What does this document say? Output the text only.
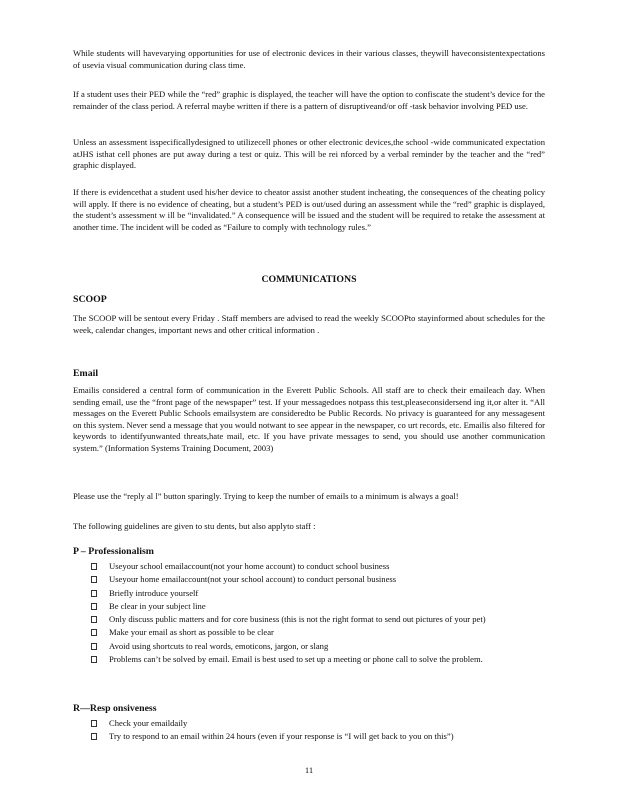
While students will havevarying opportunities for use of electronic devices in their various classes, theywill haveconsistentexpectations of usevia visual communication during class time.

If a student uses their PED while the “red” graphic is displayed, the teacher will have the option to confiscate the student’s device for the remainder of the class period. A referral maybe written if there is a pattern of disruptiveand/or off -task behavior involving PED use.

Unless an assessment isspecificallydesigned to utilizecell phones or other electronic devices,the school -wide communicated expectation atJHS isthat cell phones are put away during a test or quiz. This will be rei nforced by a verbal reminder by the teacher and the “red” graphic displayed.

If there is evidencethat a student used his/her device to cheator assist another student incheating, the consequences of the cheating policy will apply. If there is no evidence of cheating, but a student’s PED is out/used during an assessment while the “red” graphic is displayed, the student’s assessment w ill be “invalidated.” A consequence will be issued and the student will be required to retake the assessment at another time. The incident will be coded as “Failure to comply with technology rules.”

COMMUNICATIONS

SCOOP

The SCOOP will be sentout every Friday . Staff members are advised to read the weekly SCOOPto stayinformed about schedules for the week, calendar changes, important news and other critical information .

Email

Emailis considered a central form of communication in the Everett Public Schools. All staff are to check their emaileach day. When sending email, use the “front page of the newspaper” test. If your messagedoes notpass this test,pleaseconsidersend ing it,or alter it. “All messages on the Everett Public Schools emailsystem are consideredto be Public Records. No privacy is guaranteed for any messagesent on this system. Never send a message that you would notwant to see appear in the newspaper, co urt records, etc. Emailis also filtered for keywords to identifyunwanted threats,hate mail, etc. If you have private messages to send, you should use another communication system.” (Information Systems Training Document, 2003)

Please use the “reply al l” button sparingly. Trying to keep the number of emails to a minimum is always a goal!

The following guidelines are given to stu dents, but also applyto staff :

P – Professionalism

Useyour school emailaccount(not your home account) to conduct school business
Useyour home emailaccount(not your school account) to conduct personal business
Briefly introduce yourself
Be clear in your subject line
Only discuss public matters and for core business (this is not the right format to send out pictures of your pet)
Make your email as short as possible to be clear
Avoid using shortcuts to real words, emoticons, jargon, or slang
Problems can’t be solved by email. Email is best used to set up a meeting or phone call to solve the problem.

R—Resp onsiveness

Check your emaildaily
Try to respond to an email within 24 hours (even if your response is “I will get back to you on this”)
11
